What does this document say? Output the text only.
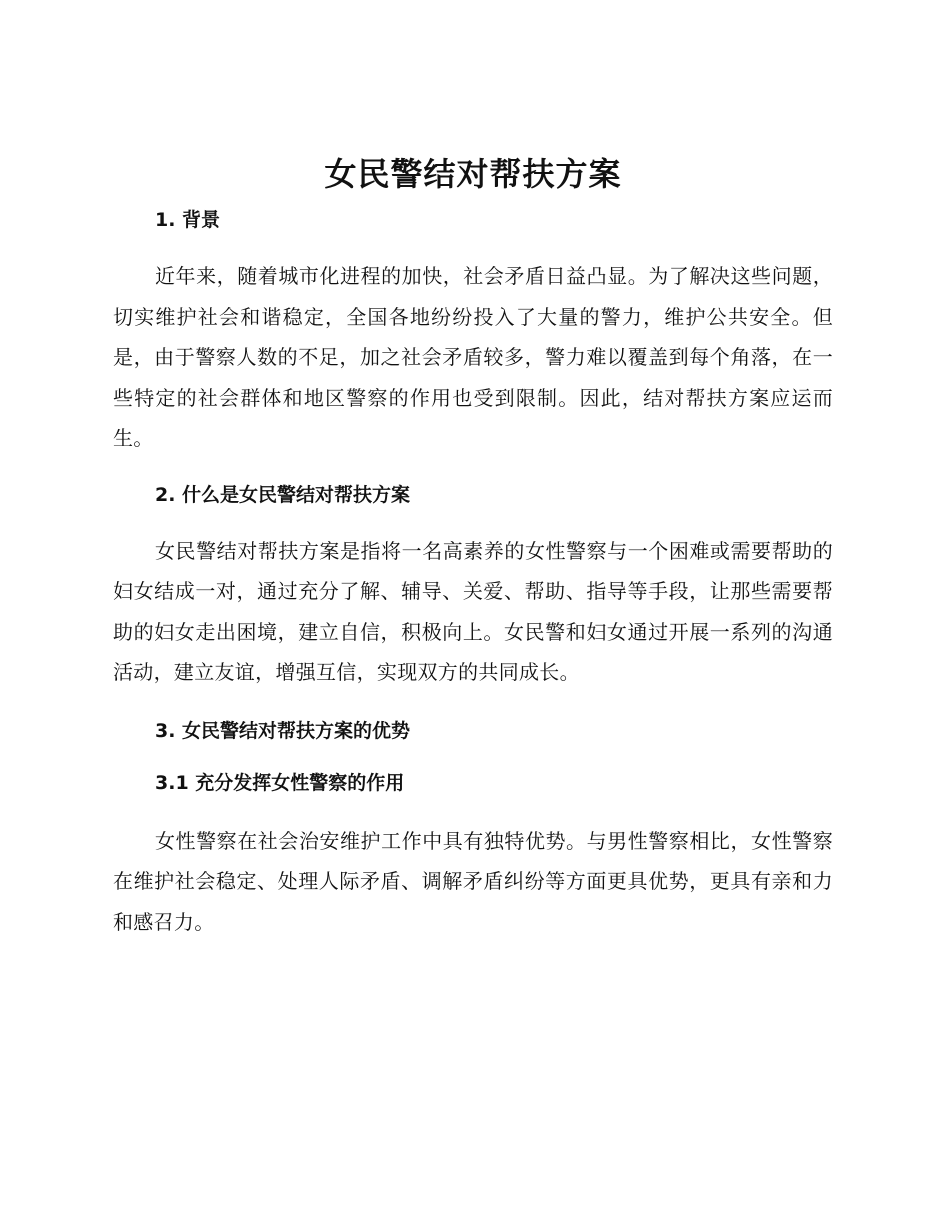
女民警结对帮扶方案
1. 背景

近年来，随着城市化进程的加快，社会矛盾日益凸显。为了解决这些问题，切实维护社会和谐稳定，全国各地纷纷投入了大量的警力，维护公共安全。但是，由于警察人数的不足，加之社会矛盾较多，警力难以覆盖到每个角落，在一些特定的社会群体和地区警察的作用也受到限制。因此，结对帮扶方案应运而生。

2. 什么是女民警结对帮扶方案

女民警结对帮扶方案是指将一名高素养的女性警察与一个困难或需要帮助的妇女结成一对，通过充分了解、辅导、关爱、帮助、指导等手段，让那些需要帮助的妇女走出困境，建立自信，积极向上。女民警和妇女通过开展一系列的沟通活动，建立友谊，增强互信，实现双方的共同成长。

3. 女民警结对帮扶方案的优势
3.1 充分发挥女性警察的作用

女性警察在社会治安维护工作中具有独特优势。与男性警察相比，女性警察在维护社会稳定、处理人际矛盾、调解矛盾纠纷等方面更具优势，更具有亲和力和感召力。
